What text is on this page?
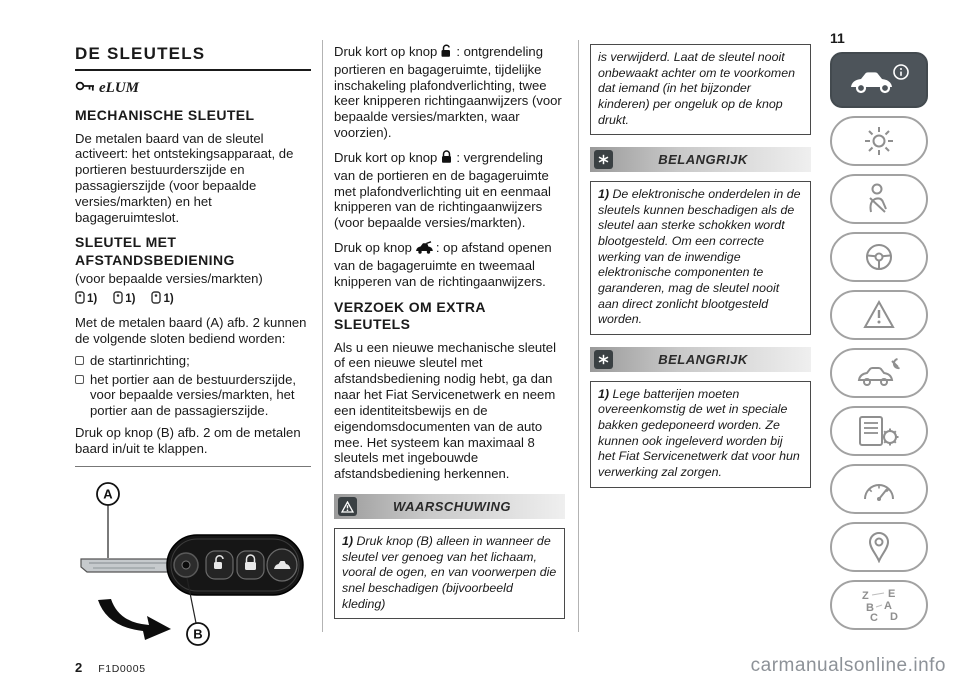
DE SLEUTELS
eLUM
MECHANISCHE SLEUTEL

De metalen baard van de sleutel activeert: het ontstekingsapparaat, de portieren bestuurderszijde en passagierszijde (voor bepaalde versies/markten) en het bagageruimteslot.

SLEUTEL MET AFSTANDSBEDIENING

(voor bepaalde versies/markten)

1) 1) 1)

Met de metalen baard (A) afb. 2 kunnen de volgende sloten bediend worden:

de startinrichting;
het portier aan de bestuurderszijde, voor bepaalde versies/markten, het portier aan de passagierszijde.

Druk op knop (B) afb. 2 om de metalen baard in/uit te klappen.

A
B
2 F1D0005

Druk kort op knop : ontgrendeling portieren en bagageruimte, tijdelijke inschakeling plafondverlichting, twee keer knipperen richtingaanwijzers (voor bepaalde versies/markten, waar voorzien).

Druk kort op knop : vergrendeling van de portieren en de bagageruimte met plafondverlichting uit en eenmaal knipperen van de richtingaanwijzers (voor bepaalde versies/markten).

Druk op knop : op afstand openen van de bagageruimte en tweemaal knipperen van de richtingaanwijzers.

VERZOEK OM EXTRA SLEUTELS

Als u een nieuwe mechanische sleutel of een nieuwe sleutel met afstandsbediening nodig hebt, ga dan naar het Fiat Servicenetwerk en neem een identiteitsbewijs en de eigendomsdocumenten van de auto mee. Het systeem kan maximaal 8 sleutels met ingebouwde afstandsbediening herkennen.

WAARSCHUWING
1) Druk knop (B) alleen in wanneer de sleutel ver genoeg van het lichaam, vooral de ogen, en van voorwerpen die snel beschadigen (bijvoorbeeld kleding)
is verwijderd. Laat de sleutel nooit onbewaakt achter om te voorkomen dat iemand (in het bijzonder kinderen) per ongeluk op de knop drukt.
BELANGRIJK
1) De elektronische onderdelen in de sleutels kunnen beschadigen als de sleutel aan sterke schokken wordt blootgesteld. Om een correcte werking van de inwendige elektronische componenten te garanderen, mag de sleutel nooit aan direct zonlicht blootgesteld worden.
BELANGRIJK
1) Lege batterijen moeten overeenkomstig de wet in speciale bakken gedeponeerd worden. Ze kunnen ook ingeleverd worden bij het Fiat Servicenetwerk dat voor hun verwerking zal zorgen.
Z E
B A
C D
11
carmanualsonline.info
